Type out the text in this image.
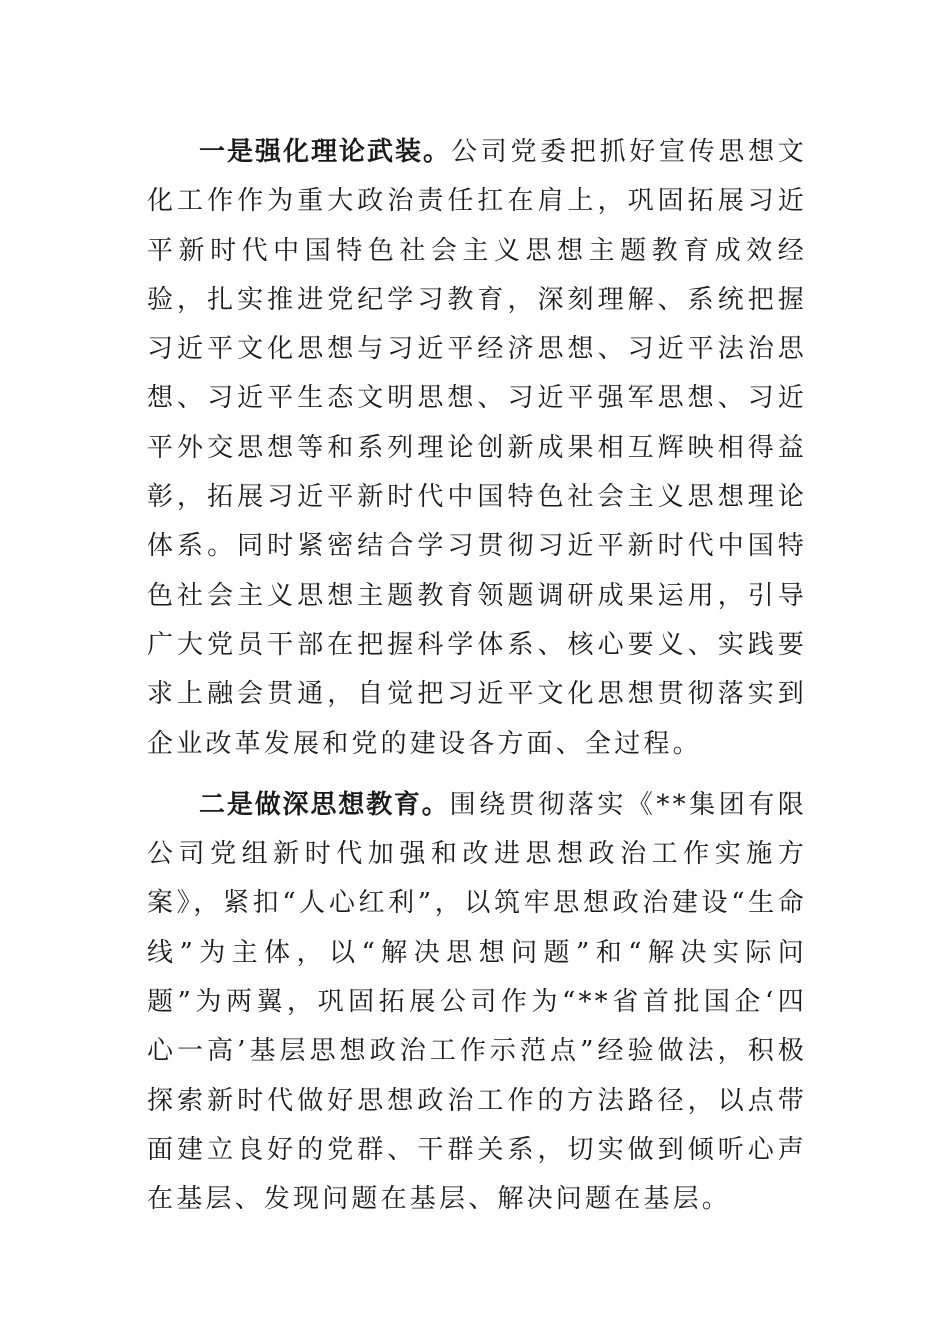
一是强化理论武装。公司党委把抓好宣传思想文化工作作为重大政治责任扛在肩上，巩固拓展习近平新时代中国特色社会主义思想主题教育成效经验，扎实推进党纪学习教育，深刻理解、系统把握习近平文化思想与习近平经济思想、习近平法治思想、习近平生态文明思想、习近平强军思想、习近平外交思想等和系列理论创新成果相互辉映相得益彰，拓展习近平新时代中国特色社会主义思想理论体系。同时紧密结合学习贯彻习近平新时代中国特色社会主义思想主题教育领题调研成果运用，引导广大党员干部在把握科学体系、核心要义、实践要求上融会贯通，自觉把习近平文化思想贯彻落实到企业改革发展和党的建设各方面、全过程。

二是做深思想教育。围绕贯彻落实《**集团有限公司党组新时代加强和改进思想政治工作实施方案》，紧扣“人心红利”，以筑牢思想政治建设“生命线”为主体，以“解决思想问题”和“解决实际问题”为两翼，巩固拓展公司作为“**省首批国企‘四心一高’基层思想政治工作示范点”经验做法，积极探索新时代做好思想政治工作的方法路径，以点带面建立良好的党群、干群关系，切实做到倾听心声在基层、发现问题在基层、解决问题在基层。
